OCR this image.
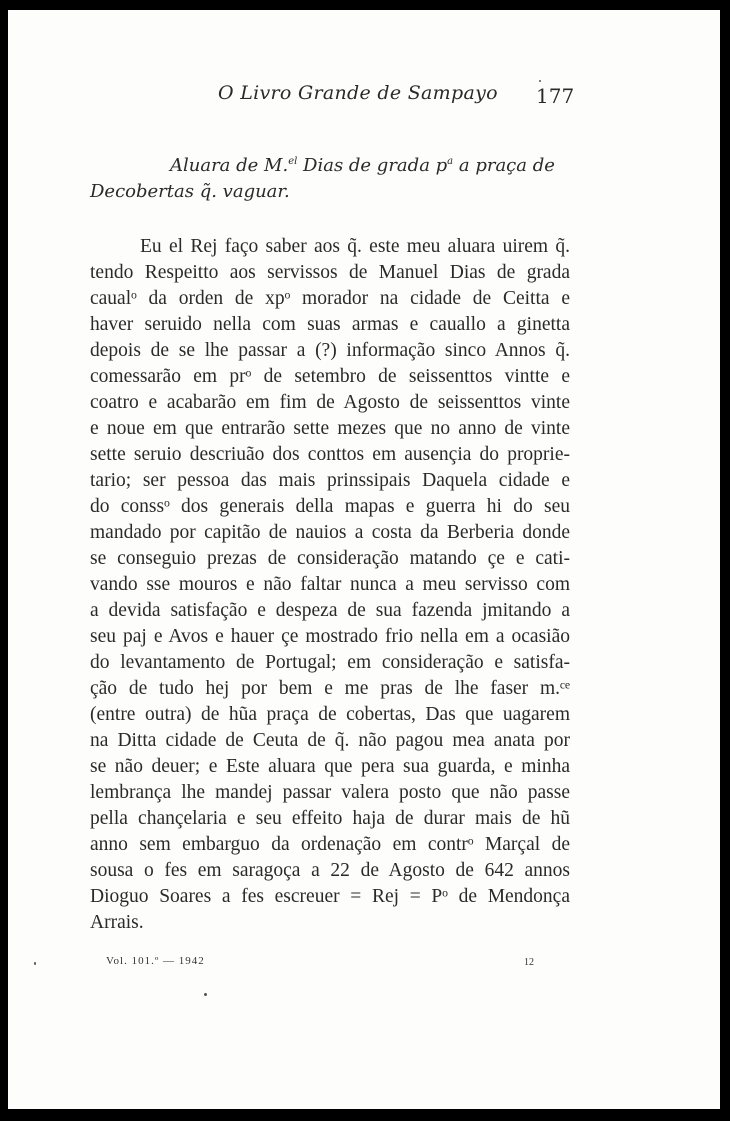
O Livro Grande de Sampayo 177
Aluara de M.$^{el}$ Dias de grada $p^a$ a praça de
Decobertas q̃. vaguar.
Eu el Rej faço saber aos q̃. este meu aluara uirem q̃.
tendo Respeitto aos servissos de Manuel Dias de grada
caualᵒ da orden de xpᵒ morador na cidade de Ceitta e
haver seruido nella com suas armas e cauallo a ginetta
depois de se lhe passar a (?) informação sinco Annos q̃.
comessarão em prᵒ de setembro de seissenttos vintte e
coatro e acabarão em fim de Agosto de seissenttos vinte
e noue em que entrarão sette mezes que no anno de vinte
sette seruio descriuão dos conttos em ausençia do proprie-
tario; ser pessoa das mais prinssipais Daquela cidade e
do conssᵒ dos generais della mapas e guerra hi do seu
mandado por capitão de nauios a costa da Berberia donde
se conseguio prezas de consideração matando çe e cati-
vando sse mouros e não faltar nunca a meu servisso com
a devida satisfação e despeza de sua fazenda jmitando a
seu paj e Avos e hauer çe mostrado frio nella em a ocasião
do levantamento de Portugal; em consideração e satisfa-
ção de tudo hej por bem e me pras de lhe faser m.ᶜᵉ
(entre outra) de hũa praça de cobertas, Das que uagarem
na Ditta cidade de Ceuta de q̃. não pagou mea anata por
se não deuer; e Este aluara que pera sua guarda, e minha
lembrança lhe mandej passar valera posto que não passe
pella chançelaria e seu effeito haja de durar mais de hũ
anno sem embarguo da ordenação em contrᵒ Marçal de
sousa o fes em saragoça a 22 de Agosto de 642 annos
Dioguo Soares a fes escreuer = Rej = Pᵒ de Mendonça
Arrais.
Vol. 101.º — 1942	12
